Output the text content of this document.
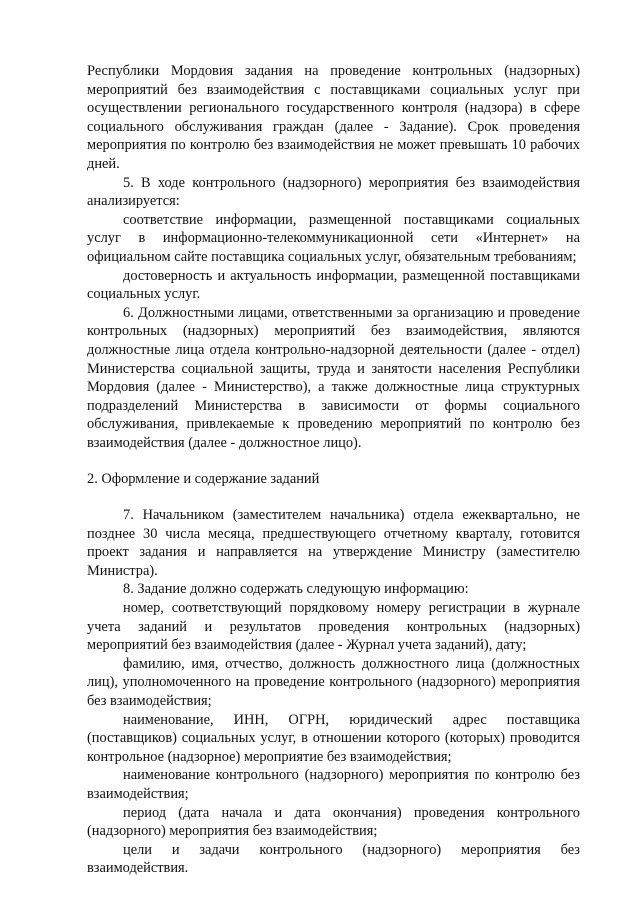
Республики Мордовия задания на проведение контрольных (надзорных) мероприятий без взаимодействия с поставщиками социальных услуг при осуществлении регионального государственного контроля (надзора) в сфере социального обслуживания граждан (далее - Задание). Срок проведения мероприятия по контролю без взаимодействия не может превышать 10 рабочих дней.

5. В ходе контрольного (надзорного) мероприятия без взаимодействия анализируется:

соответствие информации, размещенной поставщиками социальных услуг в информационно-телекоммуникационной сети «Интернет» на официальном сайте поставщика социальных услуг, обязательным требованиям;

достоверность и актуальность информации, размещенной поставщиками социальных услуг.

6. Должностными лицами, ответственными за организацию и проведение контрольных (надзорных) мероприятий без взаимодействия, являются должностные лица отдела контрольно-надзорной деятельности (далее - отдел) Министерства социальной защиты, труда и занятости населения Республики Мордовия (далее - Министерство), а также должностные лица структурных подразделений Министерства в зависимости от формы социального обслуживания, привлекаемые к проведению мероприятий по контролю без взаимодействия (далее - должностное лицо).

2. Оформление и содержание заданий

7. Начальником (заместителем начальника) отдела ежеквартально, не позднее 30 числа месяца, предшествующего отчетному кварталу, готовится проект задания и направляется на утверждение Министру (заместителю Министра).

8. Задание должно содержать следующую информацию:

номер, соответствующий порядковому номеру регистрации в журнале учета заданий и результатов проведения контрольных (надзорных) мероприятий без взаимодействия (далее - Журнал учета заданий), дату;

фамилию, имя, отчество, должность должностного лица (должностных лиц), уполномоченного на проведение контрольного (надзорного) мероприятия без взаимодействия;

наименование, ИНН, ОГРН, юридический адрес поставщика (поставщиков) социальных услуг, в отношении которого (которых) проводится контрольное (надзорное) мероприятие без взаимодействия;

наименование контрольного (надзорного) мероприятия по контролю без взаимодействия;

период (дата начала и дата окончания) проведения контрольного (надзорного) мероприятия без взаимодействия;

цели и задачи контрольного (надзорного) мероприятия без взаимодействия.
